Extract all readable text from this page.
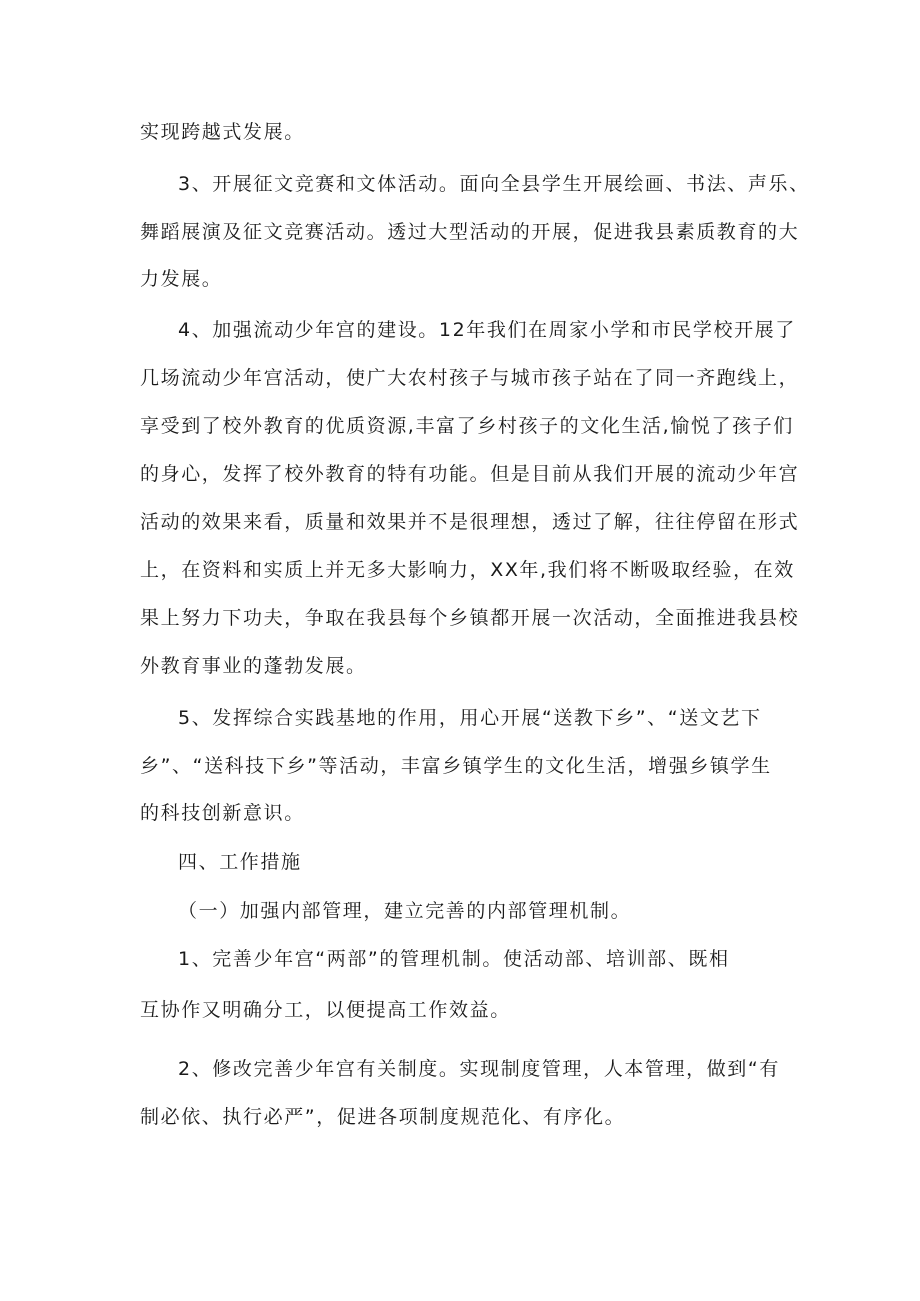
实现跨越式发展。
3、开展征文竞赛和文体活动。面向全县学生开展绘画、书法、声乐、
舞蹈展演及征文竞赛活动。透过大型活动的开展，促进我县素质教育的大
力发展。
4、加强流动少年宫的建设。12年我们在周家小学和市民学校开展了
几场流动少年宫活动，使广大农村孩子与城市孩子站在了同一齐跑线上，
享受到了校外教育的优质资源,丰富了乡村孩子的文化生活,愉悦了孩子们
的身心，发挥了校外教育的特有功能。但是目前从我们开展的流动少年宫
活动的效果来看，质量和效果并不是很理想，透过了解，往往停留在形式
上，在资料和实质上并无多大影响力，XX年,我们将不断吸取经验，在效
果上努力下功夫，争取在我县每个乡镇都开展一次活动，全面推进我县校
外教育事业的蓬勃发展。
5、发挥综合实践基地的作用，用心开展“送教下乡”、“送文艺下
乡”、“送科技下乡”等活动，丰富乡镇学生的文化生活，增强乡镇学生
的科技创新意识。
四、工作措施
（一）加强内部管理，建立完善的内部管理机制。
1、完善少年宫“两部”的管理机制。使活动部、培训部、既相
互协作又明确分工，以便提高工作效益。
2、修改完善少年宫有关制度。实现制度管理，人本管理，做到“有
制必依、执行必严”，促进各项制度规范化、有序化。
